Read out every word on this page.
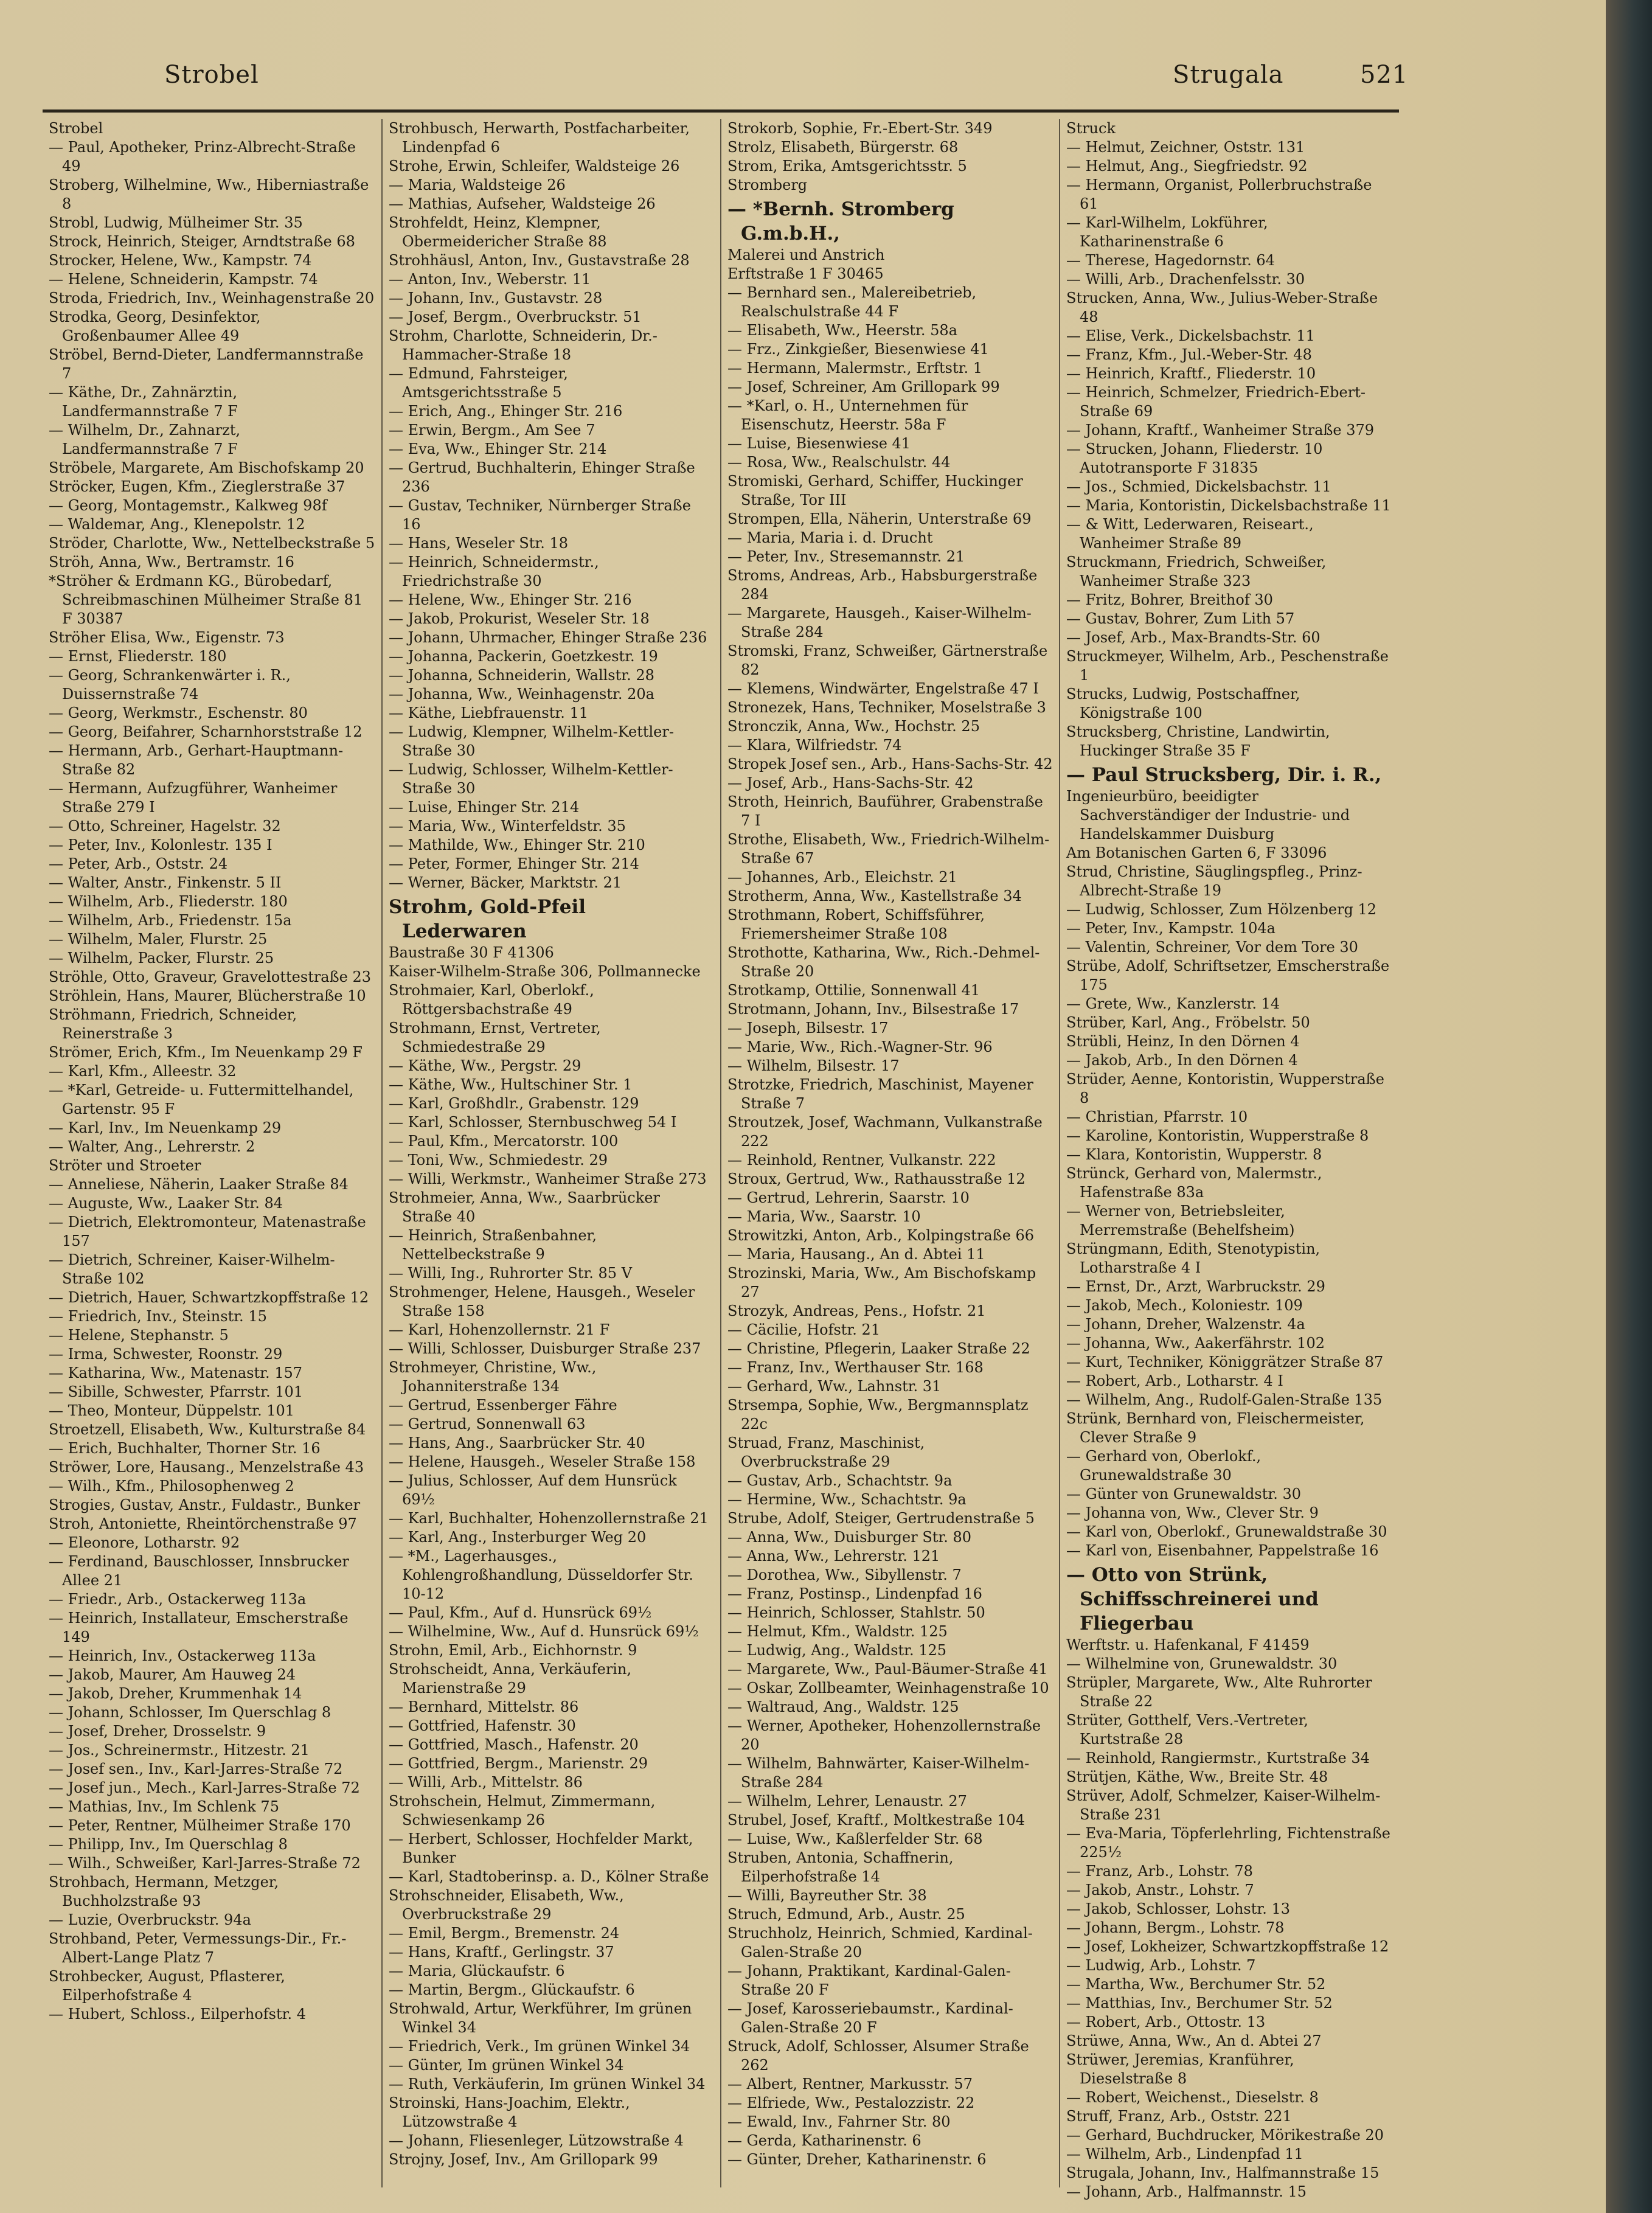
Strobel	Strugala	521
Strobel
— Paul, Apotheker, Prinz-Albrecht-Straße 49
Stroberg, Wilhelmine, Ww., Hiberniastraße 8
Strobl, Ludwig, Mülheimer Str. 35
Strock, Heinrich, Steiger, Arndtstraße 68
Strocker, Helene, Ww., Kampstr. 74
— Helene, Schneiderin, Kampstr. 74
Stroda, Friedrich, Inv., Weinhagenstraße 20
Strodka, Georg, Desinfektor, Großenbaumer Allee 49
Ströbel, Bernd-Dieter, Landfermannstraße 7
— Käthe, Dr., Zahnärztin, Landfermannstraße 7 F
— Wilhelm, Dr., Zahnarzt, Landfermannstraße 7 F
Ströbele, Margarete, Am Bischofskamp 20
Ströcker, Eugen, Kfm., Zieglerstraße 37
— Georg, Montagemstr., Kalkweg 98f
— Waldemar, Ang., Klenepolstr. 12
Ströder, Charlotte, Ww., Nettelbeckstraße 5
Ströh, Anna, Ww., Bertramstr. 16
*Ströher & Erdmann KG., Bürobedarf, Schreibmaschinen Mülheimer Straße 81 F 30387
Ströher Elisa, Ww., Eigenstr. 73
— Ernst, Fliederstr. 180
— Georg, Schrankenwärter i. R., Duissernstraße 74
— Georg, Werkmstr., Eschenstr. 80
— Georg, Beifahrer, Scharnhorststraße 12
— Hermann, Arb., Gerhart-Hauptmann-Straße 82
— Hermann, Aufzugführer, Wanheimer Straße 279 I
— Otto, Schreiner, Hagelstr. 32
— Peter, Inv., Kolonlestr. 135 I
— Peter, Arb., Oststr. 24
— Walter, Anstr., Finkenstr. 5 II
— Wilhelm, Arb., Fliederstr. 180
— Wilhelm, Arb., Friedenstr. 15a
— Wilhelm, Maler, Flurstr. 25
— Wilhelm, Packer, Flurstr. 25
Ströhle, Otto, Graveur, Gravelottestraße 23
Ströhlein, Hans, Maurer, Blücherstraße 10
Ströhmann, Friedrich, Schneider, Reinerstraße 3
Strömer, Erich, Kfm., Im Neuenkamp 29 F
— Karl, Kfm., Alleestr. 32
— *Karl, Getreide- u. Futtermittelhandel, Gartenstr. 95 F
— Karl, Inv., Im Neuenkamp 29
— Walter, Ang., Lehrerstr. 2
Ströter und Stroeter
— Anneliese, Näherin, Laaker Straße 84
— Auguste, Ww., Laaker Str. 84
— Dietrich, Elektromonteur, Matenastraße 157
— Dietrich, Schreiner, Kaiser-Wilhelm-Straße 102
— Dietrich, Hauer, Schwartzkopffstraße 12
— Friedrich, Inv., Steinstr. 15
— Helene, Stephanstr. 5
— Irma, Schwester, Roonstr. 29
— Katharina, Ww., Matenastr. 157
— Sibille, Schwester, Pfarrstr. 101
— Theo, Monteur, Düppelstr. 101
Stroetzell, Elisabeth, Ww., Kulturstraße 84
— Erich, Buchhalter, Thorner Str. 16
Ströwer, Lore, Hausang., Menzelstraße 43
— Wilh., Kfm., Philosophenweg 2
Strogies, Gustav, Anstr., Fuldastr., Bunker
Stroh, Antoniette, Rheintörchenstraße 97
— Eleonore, Lotharstr. 92
— Ferdinand, Bauschlosser, Innsbrucker Allee 21
— Friedr., Arb., Ostackerweg 113a
— Heinrich, Installateur, Emscherstraße 149
— Heinrich, Inv., Ostackerweg 113a
— Jakob, Maurer, Am Hauweg 24
— Jakob, Dreher, Krummenhak 14
— Johann, Schlosser, Im Querschlag 8
— Josef, Dreher, Drosselstr. 9
— Jos., Schreinermstr., Hitzestr. 21
— Josef sen., Inv., Karl-Jarres-Straße 72
— Josef jun., Mech., Karl-Jarres-Straße 72
— Mathias, Inv., Im Schlenk 75
— Peter, Rentner, Mülheimer Straße 170
— Philipp, Inv., Im Querschlag 8
— Wilh., Schweißer, Karl-Jarres-Straße 72
Strohbach, Hermann, Metzger, Buchholzstraße 93
— Luzie, Overbruckstr. 94a
Strohband, Peter, Vermessungs-Dir., Fr.-Albert-Lange Platz 7
Strohbecker, August, Pflasterer, Eilperhofstraße 4
— Hubert, Schloss., Eilperhofstr. 4
Strohbusch, Herwarth, Postfacharbeiter, Lindenpfad 6
Strohe, Erwin, Schleifer, Waldsteige 26
— Maria, Waldsteige 26
— Mathias, Aufseher, Waldsteige 26
Strohfeldt, Heinz, Klempner, Obermeidericher Straße 88
Strohhäusl, Anton, Inv., Gustavstraße 28
— Anton, Inv., Weberstr. 11
— Johann, Inv., Gustavstr. 28
— Josef, Bergm., Overbruckstr. 51
Strohm, Charlotte, Schneiderin, Dr.-Hammacher-Straße 18
— Edmund, Fahrsteiger, Amtsgerichtsstraße 5
— Erich, Ang., Ehinger Str. 216
— Erwin, Bergm., Am See 7
— Eva, Ww., Ehinger Str. 214
— Gertrud, Buchhalterin, Ehinger Straße 236
— Gustav, Techniker, Nürnberger Straße 16
— Hans, Weseler Str. 18
— Heinrich, Schneidermstr., Friedrichstraße 30
— Helene, Ww., Ehinger Str. 216
— Jakob, Prokurist, Weseler Str. 18
— Johann, Uhrmacher, Ehinger Straße 236
— Johanna, Packerin, Goetzkestr. 19
— Johanna, Schneiderin, Wallstr. 28
— Johanna, Ww., Weinhagenstr. 20a
— Käthe, Liebfrauenstr. 11
— Ludwig, Klempner, Wilhelm-Kettler-Straße 30
— Ludwig, Schlosser, Wilhelm-Kettler-Straße 30
— Luise, Ehinger Str. 214
— Maria, Ww., Winterfeldstr. 35
— Mathilde, Ww., Ehinger Str. 210
— Peter, Former, Ehinger Str. 214
— Werner, Bäcker, Marktstr. 21
Strohm, Gold-Pfeil Lederwaren
Baustraße 30 F 41306
Kaiser-Wilhelm-Straße 306, Pollmannecke
Strohmaier, Karl, Oberlokf., Röttgersbachstraße 49
Strohmann, Ernst, Vertreter, Schmiedestraße 29
— Käthe, Ww., Pergstr. 29
— Käthe, Ww., Hultschiner Str. 1
— Karl, Großhdlr., Grabenstr. 129
— Karl, Schlosser, Sternbuschweg 54 I
— Paul, Kfm., Mercatorstr. 100
— Toni, Ww., Schmiedestr. 29
— Willi, Werkmstr., Wanheimer Straße 273
Strohmeier, Anna, Ww., Saarbrücker Straße 40
— Heinrich, Straßenbahner, Nettelbeckstraße 9
— Willi, Ing., Ruhrorter Str. 85 V
Strohmenger, Helene, Hausgeh., Weseler Straße 158
— Karl, Hohenzollernstr. 21 F
— Willi, Schlosser, Duisburger Straße 237
Strohmeyer, Christine, Ww., Johanniterstraße 134
— Gertrud, Essenberger Fähre
— Gertrud, Sonnenwall 63
— Hans, Ang., Saarbrücker Str. 40
— Helene, Hausgeh., Weseler Straße 158
— Julius, Schlosser, Auf dem Hunsrück 69½
— Karl, Buchhalter, Hohenzollernstraße 21
— Karl, Ang., Insterburger Weg 20
— *M., Lagerhausges., Kohlengroßhandlung, Düsseldorfer Str. 10-12
— Paul, Kfm., Auf d. Hunsrück 69½
— Wilhelmine, Ww., Auf d. Hunsrück 69½
Strohn, Emil, Arb., Eichhornstr. 9
Strohscheidt, Anna, Verkäuferin, Marienstraße 29
— Bernhard, Mittelstr. 86
— Gottfried, Hafenstr. 30
— Gottfried, Masch., Hafenstr. 20
— Gottfried, Bergm., Marienstr. 29
— Willi, Arb., Mittelstr. 86
Strohschein, Helmut, Zimmermann, Schwiesenkamp 26
— Herbert, Schlosser, Hochfelder Markt, Bunker
— Karl, Stadtoberinsp. a. D., Kölner Straße
Strohschneider, Elisabeth, Ww., Overbruckstraße 29
— Emil, Bergm., Bremenstr. 24
— Hans, Kraftf., Gerlingstr. 37
— Maria, Glückaufstr. 6
— Martin, Bergm., Glückaufstr. 6
Strohwald, Artur, Werkführer, Im grünen Winkel 34
— Friedrich, Verk., Im grünen Winkel 34
— Günter, Im grünen Winkel 34
— Ruth, Verkäuferin, Im grünen Winkel 34
Stroinski, Hans-Joachim, Elektr., Lützowstraße 4
— Johann, Fliesenleger, Lützowstraße 4
Strojny, Josef, Inv., Am Grillopark 99
Strokorb, Sophie, Fr.-Ebert-Str. 349
Strolz, Elisabeth, Bürgerstr. 68
Strom, Erika, Amtsgerichtsstr. 5
Stromberg
— *Bernh. Stromberg G.m.b.H.,
Malerei und Anstrich
Erftstraße 1 F 30465
— Bernhard sen., Malereibetrieb, Realschulstraße 44 F
— Elisabeth, Ww., Heerstr. 58a
— Frz., Zinkgießer, Biesenwiese 41
— Hermann, Malermstr., Erftstr. 1
— Josef, Schreiner, Am Grillopark 99
— *Karl, o. H., Unternehmen für Eisenschutz, Heerstr. 58a F
— Luise, Biesenwiese 41
— Rosa, Ww., Realschulstr. 44
Stromiski, Gerhard, Schiffer, Huckinger Straße, Tor III
Strompen, Ella, Näherin, Unterstraße 69
— Maria, Maria i. d. Drucht
— Peter, Inv., Stresemannstr. 21
Stroms, Andreas, Arb., Habsburgerstraße 284
— Margarete, Hausgeh., Kaiser-Wilhelm-Straße 284
Stromski, Franz, Schweißer, Gärtnerstraße 82
— Klemens, Windwärter, Engelstraße 47 I
Stronezek, Hans, Techniker, Moselstraße 3
Stronczik, Anna, Ww., Hochstr. 25
— Klara, Wilfriedstr. 74
Stropek Josef sen., Arb., Hans-Sachs-Str. 42
— Josef, Arb., Hans-Sachs-Str. 42
Stroth, Heinrich, Bauführer, Grabenstraße 7 I
Strothe, Elisabeth, Ww., Friedrich-Wilhelm-Straße 67
— Johannes, Arb., Eleichstr. 21
Strotherm, Anna, Ww., Kastellstraße 34
Strothmann, Robert, Schiffsführer, Friemersheimer Straße 108
Strothotte, Katharina, Ww., Rich.-Dehmel-Straße 20
Strotkamp, Ottilie, Sonnenwall 41
Strotmann, Johann, Inv., Bilsestraße 17
— Joseph, Bilsestr. 17
— Marie, Ww., Rich.-Wagner-Str. 96
— Wilhelm, Bilsestr. 17
Strotzke, Friedrich, Maschinist, Mayener Straße 7
Stroutzek, Josef, Wachmann, Vulkanstraße 222
— Reinhold, Rentner, Vulkanstr. 222
Stroux, Gertrud, Ww., Rathausstraße 12
— Gertrud, Lehrerin, Saarstr. 10
— Maria, Ww., Saarstr. 10
Strowitzki, Anton, Arb., Kolpingstraße 66
— Maria, Hausang., An d. Abtei 11
Strozinski, Maria, Ww., Am Bischofskamp 27
Strozyk, Andreas, Pens., Hofstr. 21
— Cäcilie, Hofstr. 21
— Christine, Pflegerin, Laaker Straße 22
— Franz, Inv., Werthauser Str. 168
— Gerhard, Ww., Lahnstr. 31
Strsempa, Sophie, Ww., Bergmannsplatz 22c
Struad, Franz, Maschinist, Overbruckstraße 29
— Gustav, Arb., Schachtstr. 9a
— Hermine, Ww., Schachtstr. 9a
Strube, Adolf, Steiger, Gertrudenstraße 5
— Anna, Ww., Duisburger Str. 80
— Anna, Ww., Lehrerstr. 121
— Dorothea, Ww., Sibyllenstr. 7
— Franz, Postinsp., Lindenpfad 16
— Heinrich, Schlosser, Stahlstr. 50
— Helmut, Kfm., Waldstr. 125
— Ludwig, Ang., Waldstr. 125
— Margarete, Ww., Paul-Bäumer-Straße 41
— Oskar, Zollbeamter, Weinhagenstraße 10
— Waltraud, Ang., Waldstr. 125
— Werner, Apotheker, Hohenzollernstraße 20
— Wilhelm, Bahnwärter, Kaiser-Wilhelm-Straße 284
— Wilhelm, Lehrer, Lenaustr. 27
Strubel, Josef, Kraftf., Moltkestraße 104
— Luise, Ww., Kaßlerfelder Str. 68
Struben, Antonia, Schaffnerin, Eilperhofstraße 14
— Willi, Bayreuther Str. 38
Struch, Edmund, Arb., Austr. 25
Struchholz, Heinrich, Schmied, Kardinal-Galen-Straße 20
— Johann, Praktikant, Kardinal-Galen-Straße 20 F
— Josef, Karosseriebaumstr., Kardinal-Galen-Straße 20 F
Struck, Adolf, Schlosser, Alsumer Straße 262
— Albert, Rentner, Markusstr. 57
— Elfriede, Ww., Pestalozzistr. 22
— Ewald, Inv., Fahrner Str. 80
— Gerda, Katharinenstr. 6
— Günter, Dreher, Katharinenstr. 6
Struck
— Helmut, Zeichner, Oststr. 131
— Helmut, Ang., Siegfriedstr. 92
— Hermann, Organist, Pollerbruchstraße 61
— Karl-Wilhelm, Lokführer, Katharinenstraße 6
— Therese, Hagedornstr. 64
— Willi, Arb., Drachenfelsstr. 30
Strucken, Anna, Ww., Julius-Weber-Straße 48
— Elise, Verk., Dickelsbachstr. 11
— Franz, Kfm., Jul.-Weber-Str. 48
— Heinrich, Kraftf., Fliederstr. 10
— Heinrich, Schmelzer, Friedrich-Ebert-Straße 69
— Johann, Kraftf., Wanheimer Straße 379
— Strucken, Johann, Fliederstr. 10 Autotransporte F 31835
— Jos., Schmied, Dickelsbachstr. 11
— Maria, Kontoristin, Dickelsbachstraße 11
— & Witt, Lederwaren, Reiseart., Wanheimer Straße 89
Struckmann, Friedrich, Schweißer, Wanheimer Straße 323
— Fritz, Bohrer, Breithof 30
— Gustav, Bohrer, Zum Lith 57
— Josef, Arb., Max-Brandts-Str. 60
Struckmeyer, Wilhelm, Arb., Peschenstraße 1
Strucks, Ludwig, Postschaffner, Königstraße 100
Strucksberg, Christine, Landwirtin, Huckinger Straße 35 F
— Paul Strucksberg, Dir. i. R.,
Ingenieurbüro, beeidigter Sachverständiger der Industrie- und Handelskammer Duisburg
Am Botanischen Garten 6, F 33096
Strud, Christine, Säuglingspfleg., Prinz-Albrecht-Straße 19
— Ludwig, Schlosser, Zum Hölzenberg 12
— Peter, Inv., Kampstr. 104a
— Valentin, Schreiner, Vor dem Tore 30
Strübe, Adolf, Schriftsetzer, Emscherstraße 175
— Grete, Ww., Kanzlerstr. 14
Strüber, Karl, Ang., Fröbelstr. 50
Strübli, Heinz, In den Dörnen 4
— Jakob, Arb., In den Dörnen 4
Strüder, Aenne, Kontoristin, Wupperstraße 8
— Christian, Pfarrstr. 10
— Karoline, Kontoristin, Wupperstraße 8
— Klara, Kontoristin, Wupperstr. 8
Strünck, Gerhard von, Malermstr., Hafenstraße 83a
— Werner von, Betriebsleiter, Merremstraße (Behelfsheim)
Strüngmann, Edith, Stenotypistin, Lotharstraße 4 I
— Ernst, Dr., Arzt, Warbruckstr. 29
— Jakob, Mech., Koloniestr. 109
— Johann, Dreher, Walzenstr. 4a
— Johanna, Ww., Aakerfährstr. 102
— Kurt, Techniker, Königgrätzer Straße 87
— Robert, Arb., Lotharstr. 4 I
— Wilhelm, Ang., Rudolf-Galen-Straße 135
Strünk, Bernhard von, Fleischermeister, Clever Straße 9
— Gerhard von, Oberlokf., Grunewaldstraße 30
— Günter von Grunewaldstr. 30
— Johanna von, Ww., Clever Str. 9
— Karl von, Oberlokf., Grunewaldstraße 30
— Karl von, Eisenbahner, Pappelstraße 16
— Otto von Strünk, Schiffsschreinerei und Fliegerbau
Werftstr. u. Hafenkanal, F 41459
— Wilhelmine von, Grunewaldstr. 30
Strüpler, Margarete, Ww., Alte Ruhrorter Straße 22
Strüter, Gotthelf, Vers.-Vertreter, Kurtstraße 28
— Reinhold, Rangiermstr., Kurtstraße 34
Strütjen, Käthe, Ww., Breite Str. 48
Strüver, Adolf, Schmelzer, Kaiser-Wilhelm-Straße 231
— Eva-Maria, Töpferlehrling, Fichtenstraße 225½
— Franz, Arb., Lohstr. 78
— Jakob, Anstr., Lohstr. 7
— Jakob, Schlosser, Lohstr. 13
— Johann, Bergm., Lohstr. 78
— Josef, Lokheizer, Schwartzkopffstraße 12
— Ludwig, Arb., Lohstr. 7
— Martha, Ww., Berchumer Str. 52
— Matthias, Inv., Berchumer Str. 52
— Robert, Arb., Ottostr. 13
Strüwe, Anna, Ww., An d. Abtei 27
Strüwer, Jeremias, Kranführer, Dieselstraße 8
— Robert, Weichenst., Dieselstr. 8
Struff, Franz, Arb., Oststr. 221
— Gerhard, Buchdrucker, Mörikestraße 20
— Wilhelm, Arb., Lindenpfad 11
Strugala, Johann, Inv., Halfmannstraße 15
— Johann, Arb., Halfmannstr. 15
